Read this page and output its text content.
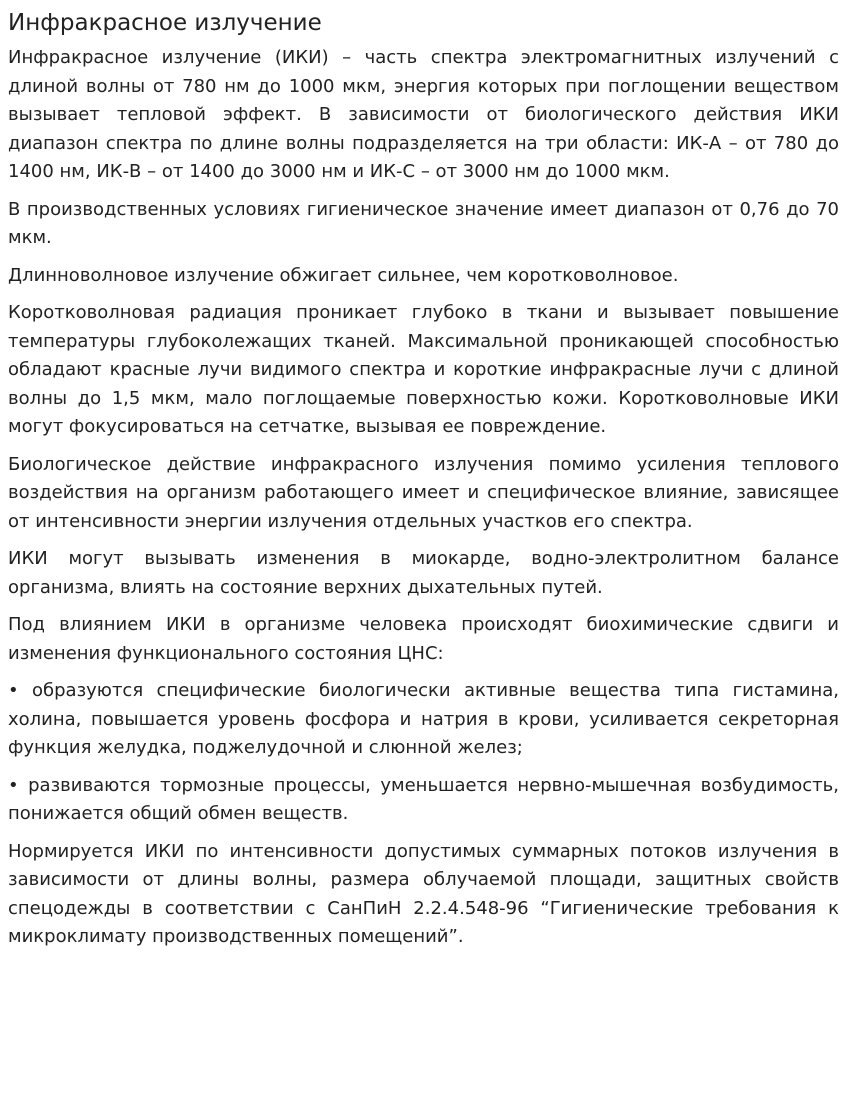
Инфракрасное излучение

Инфракрасное излучение (ИКИ) – часть спектра электромагнитных излучений с длиной волны от 780 нм до 1000 мкм, энергия которых при поглощении веществом вызывает тепловой эффект. В зависимости от биологического действия ИКИ диапазон спектра по длине волны подразделяется на три области: ИК-А – от 780 до 1400 нм, ИК-В – от 1400 до 3000 нм и ИК-С – от 3000 нм до 1000 мкм.

В производственных условиях гигиеническое значение имеет диапазон от 0,76 до 70 мкм.

Длинноволновое излучение обжигает сильнее, чем коротковолновое.

Коротковолновая радиация проникает глубоко в ткани и вызывает повышение температуры глубоколежащих тканей. Максимальной проникающей способностью обладают красные лучи видимого спектра и короткие инфракрасные лучи с длиной волны до 1,5 мкм, мало поглощаемые поверхностью кожи. Коротковолновые ИКИ могут фокусироваться на сетчатке, вызывая ее повреждение.

Биологическое действие инфракрасного излучения помимо усиления теплового воздействия на организм работающего имеет и специфическое влияние, зависящее от интенсивности энергии излучения отдельных участков его спектра.

ИКИ могут вызывать изменения в миокарде, водно-электролитном балансе организма, влиять на состояние верхних дыхательных путей.

Под влиянием ИКИ в организме человека происходят биохимические сдвиги и изменения функционального состояния ЦНС:

• образуются специфические биологически активные вещества типа гистамина, холина, повышается уровень фосфора и натрия в крови, усиливается секреторная функция желудка, поджелудочной и слюнной желез;

• развиваются тормозные процессы, уменьшается нервно-мышечная возбудимость, понижается общий обмен веществ.

Нормируется ИКИ по интенсивности допустимых суммарных потоков излучения в зависимости от длины волны, размера облучаемой площади, защитных свойств спецодежды в соответствии с СанПиН 2.2.4.548-96 “Гигиенические требования к микроклимату производственных помещений”.
